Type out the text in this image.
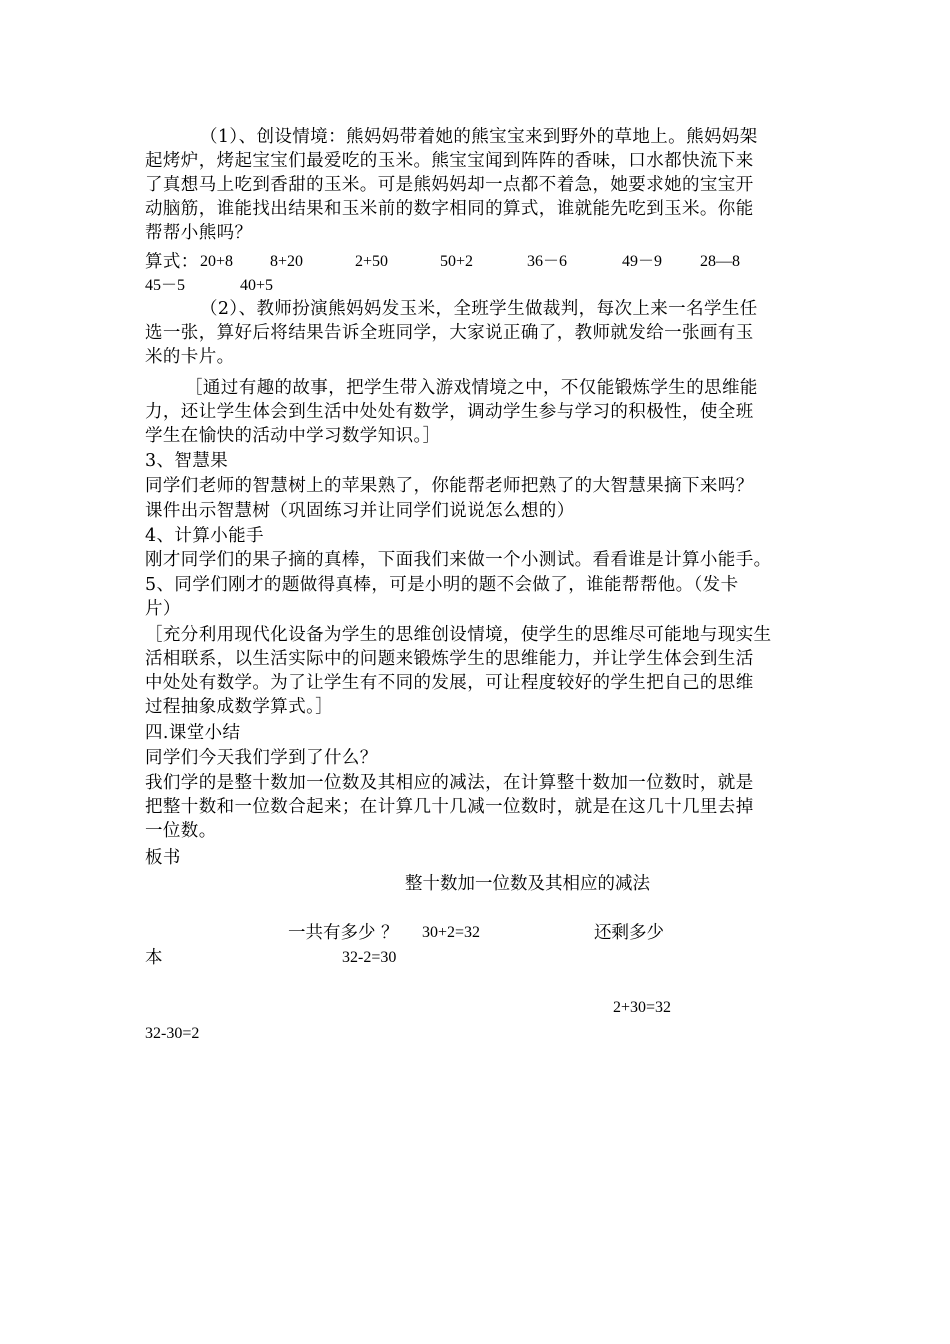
（1）、创设情境：熊妈妈带着她的熊宝宝来到野外的草地上。熊妈妈架

起烤炉，烤起宝宝们最爱吃的玉米。熊宝宝闻到阵阵的香味，口水都快流下来

了真想马上吃到香甜的玉米。可是熊妈妈却一点都不着急，她要求她的宝宝开

动脑筋，谁能找出结果和玉米前的数字相同的算式，谁就能先吃到玉米。你能

帮帮小熊吗？

算式： 20+8 8+20	2+50	50+2	36－6	49－9 28—8

45－5	40+5

（2）、教师扮演熊妈妈发玉米，全班学生做裁判，每次上来一名学生任

选一张，算好后将结果告诉全班同学，大家说正确了，教师就发给一张画有玉

米的卡片。

［通过有趣的故事，把学生带入游戏情境之中，不仅能锻炼学生的思维能

力，还让学生体会到生活中处处有数学，调动学生参与学习的积极性，使全班

学生在愉快的活动中学习数学知识。］

3、智慧果

同学们老师的智慧树上的苹果熟了，你能帮老师把熟了的大智慧果摘下来吗？

课件出示智慧树（巩固练习并让同学们说说怎么想的）

4、计算小能手

刚才同学们的果子摘的真棒，下面我们来做一个小测试。看看谁是计算小能手。

5、同学们刚才的题做得真棒，可是小明的题不会做了，谁能帮帮他。（发卡

片）

［充分利用现代化设备为学生的思维创设情境，使学生的思维尽可能地与现实生

活相联系，以生活实际中的问题来锻炼学生的思维能力，并让学生体会到生活

中处处有数学。为了让学生有不同的发展，可让程度较好的学生把自己的思维

过程抽象成数学算式。］

四.课堂小结

同学们今天我们学到了什么？

我们学的是整十数加一位数及其相应的减法，在计算整十数加一位数时，就是

把整十数和一位数合起来；在计算几十几减一位数时，就是在这几十几里去掉

一位数。

板书

整十数加一位数及其相应的减法

一共有多少 ？ 30+2=32	还剩多少

本	32-2=30

2+30=32

32-30=2
